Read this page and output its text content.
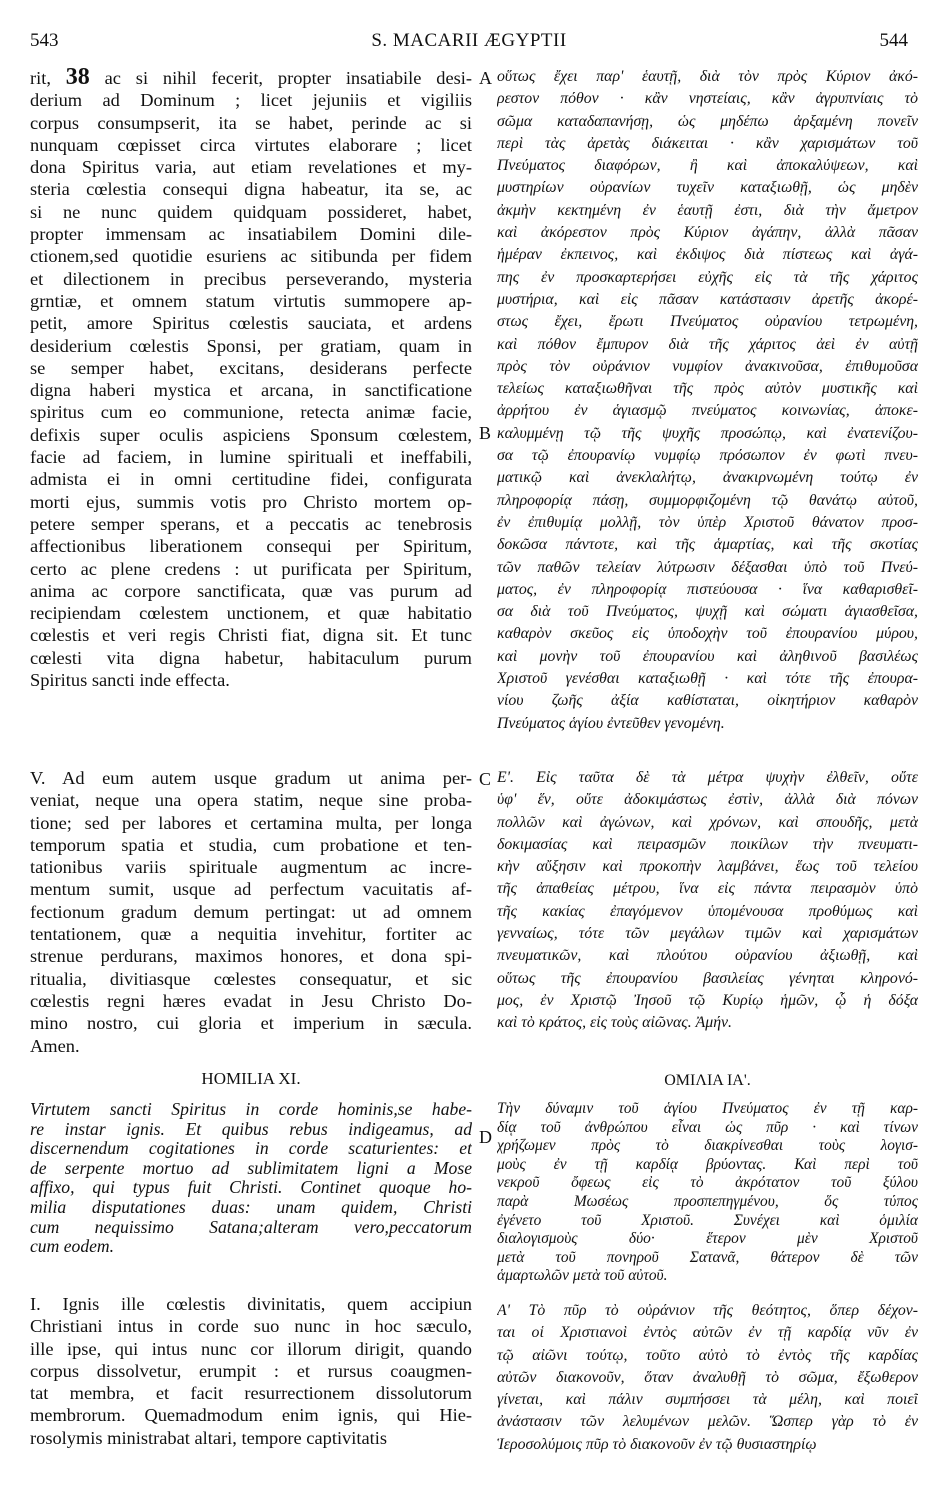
543	S. MACARII ÆGYPTII	544
A
B
C
D
rit, 38 ac si nihil fecerit, propter insatiabile desi-
derium ad Dominum ; licet jejuniis et vigiliis
corpus consumpserit, ita se habet, perinde ac si
nunquam cœpisset circa virtutes elaborare ; licet
dona Spiritus varia, aut etiam revelationes et my-
steria cœlestia consequi digna habeatur, ita se, ac
si ne nunc quidem quidquam possideret, habet,
propter immensam ac insatiabilem Domini dile-
ctionem,sed quotidie esuriens ac sitibunda per fidem
et dilectionem in precibus perseverando, mysteria
grntiæ, et omnem statum virtutis summopere ap-
petit, amore Spiritus cœlestis sauciata, et ardens
desiderium cœlestis Sponsi, per gratiam, quam in
se semper habet, excitans, desiderans perfecte
digna haberi mystica et arcana, in sanctificatione
spiritus cum eo communione, retecta animæ facie,
defixis super oculis aspiciens Sponsum cœlestem,
facie ad faciem, in lumine spirituali et ineffabili,
admista ei in omni certitudine fidei, configurata
morti ejus, summis votis pro Christo mortem op-
petere semper sperans, et a peccatis ac tenebrosis
affectionibus liberationem consequi per Spiritum,
certo ac plene credens : ut purificata per Spiritum,
anima ac corpore sanctificata, quæ vas purum ad
recipiendam cœlestem unctionem, et quæ habitatio
cœlestis et veri regis Christi fiat, digna sit. Et tunc
cœlesti vita digna habetur, habitaculum purum
Spiritus sancti inde effecta.
V. Ad eum autem usque gradum ut anima per-
veniat, neque una opera statim, neque sine proba-
tione; sed per labores et certamina multa, per longa
temporum spatia et studia, cum probatione et ten-
tationibus variis spirituale augmentum ac incre-
mentum sumit, usque ad perfectum vacuitatis af-
fectionum gradum demum pertingat: ut ad omnem
tentationem, quæ a nequitia invehitur, fortiter ac
strenue perdurans, maximos honores, et dona spi-
ritualia, divitiasque cœlestes consequatur, et sic
cœlestis regni hæres evadat in Jesu Christo Do-
mino nostro, cui gloria et imperium in sæcula.
Amen.
HOMILIA XI.
Virtutem sancti Spiritus in corde hominis,se habe-
re instar ignis. Et quibus rebus indigeamus, ad
discernendum cogitationes in corde scaturientes: et
de serpente mortuo ad sublimitatem ligni a Mose
affixo, qui typus fuit Christi. Continet quoque ho-
milia disputationes duas: unam quidem, Christi
cum nequissimo Satana;alteram vero,peccatorum
cum eodem.
I. Ignis ille cœlestis divinitatis, quem accipiun
Christiani intus in corde suo nunc in hoc sæculo,
ille ipse, qui intus nunc cor illorum dirigit, quando
corpus dissolvetur, erumpit : et rursus coaugmen-
tat membra, et facit resurrectionem dissolutorum
membrorum. Quemadmodum enim ignis, qui Hie-
rosolymis ministrabat altari, tempore captivitatis
οὕτως ἔχει παρ' ἑαυτῇ, διὰ τὸν πρὸς Κύριον ἀκό-
ρεστον πόθον · κἂν νηστείαις, κἂν ἀγρυπνίαις τὸ
σῶμα καταδαπανήσῃ, ὡς μηδέπω ἀρξαμένη πονεῖν
περὶ τὰς ἀρετὰς διάκειται · κἂν χαρισμάτων τοῦ
Πνεύματος διαφόρων, ἢ καὶ ἀποκαλύψεων, καὶ
μυστηρίων οὐρανίων τυχεῖν καταξιωθῇ, ὡς μηδὲν
ἀκμὴν κεκτημένη ἐν ἑαυτῇ ἐστι, διὰ τὴν ἄμετρον
καὶ ἀκόρεστον πρὸς Κύριον ἀγάπην, ἀλλὰ πᾶσαν
ἡμέραν ἐκπεινος, καὶ ἐκδιψος διὰ πίστεως καὶ ἀγά-
πης ἐν προσκαρτερήσει εὐχῆς εἰς τὰ τῆς χάριτος
μυστήρια, καὶ εἰς πᾶσαν κατάστασιν ἀρετῆς ἀκορέ-
στως ἔχει, ἔρωτι Πνεύματος οὐρανίου τετρωμένη,
καὶ πόθον ἔμπυρον διὰ τῆς χάριτος ἀεὶ ἐν αὐτῇ
πρὸς τὸν οὐράνιον νυμφίον ἀνακινοῦσα, ἐπιθυμοῦσα
τελείως καταξιωθῆναι τῆς πρὸς αὐτὸν μυστικῆς καὶ
ἀρρήτου ἐν ἁγιασμῷ πνεύματος κοινωνίας, ἀποκε-
καλυμμένῃ τῷ τῆς ψυχῆς προσώπῳ, καὶ ἐνατενίζου-
σα τῷ ἐπουρανίῳ νυμφίῳ πρόσωπον ἐν φωτὶ πνευ-
ματικῷ καὶ ἀνεκλαλήτῳ, ἀνακιρνωμένη τούτῳ ἐν
πληροφορίᾳ πάσῃ, συμμορφιζομένη τῷ θανάτῳ αὐτοῦ,
ἐν ἐπιθυμίᾳ μολλῇ, τὸν ὑπὲρ Χριστοῦ θάνατον προσ-
δοκῶσα πάντοτε, καὶ τῆς ἁμαρτίας, καὶ τῆς σκοτίας
τῶν παθῶν τελείαν λύτρωσιν δέξασθαι ὑπὸ τοῦ Πνεύ-
ματος, ἐν πληροφορίᾳ πιστεύουσα · ἵνα καθαρισθεῖ-
σα διὰ τοῦ Πνεύματος, ψυχῇ καὶ σώματι ἁγιασθεῖσα,
καθαρὸν σκεῦος εἰς ὑποδοχὴν τοῦ ἐπουρανίου μύρου,
καὶ μονὴν τοῦ ἐπουρανίου καὶ ἀληθινοῦ βασιλέως
Χριστοῦ γενέσθαι καταξιωθῇ · καὶ τότε τῆς ἐπουρα-
νίου ζωῆς ἀξία καθίσταται, οἰκητήριον καθαρὸν
Πνεύματος ἁγίου ἐντεῦθεν γενομένη.
Ε'. Εἰς ταῦτα δὲ τὰ μέτρα ψυχὴν ἐλθεῖν, οὔτε
ὑφ' ἕν, οὔτε ἀδοκιμάστως ἐστὶν, ἀλλὰ διὰ πόνων
πολλῶν καὶ ἀγώνων, καὶ χρόνων, καὶ σπουδῆς, μετὰ
δοκιμασίας καὶ πειρασμῶν ποικίλων τὴν πνευματι-
κὴν αὔξησιν καὶ προκοπὴν λαμβάνει, ἕως τοῦ τελείου
τῆς ἀπαθείας μέτρου, ἵνα εἰς πάντα πειρασμὸν ὑπὸ
τῆς κακίας ἐπαγόμενον ὑπομένουσα προθύμως καὶ
γενναίως, τότε τῶν μεγάλων τιμῶν καὶ χαρισμάτων
πνευματικῶν, καὶ πλούτου οὐρανίου ἀξιωθῇ, καὶ
οὕτως τῆς ἐπουρανίου βασιλείας γένηται κληρονό-
μος, ἐν Χριστῷ Ἰησοῦ τῷ Κυρίῳ ἡμῶν, ᾧ ἡ δόξα
καὶ τὸ κράτος, εἰς τοὺς αἰῶνας. Ἀμήν.
ΟΜΙΛΙΑ ΙΑ'.
Τὴν δύναμιν τοῦ ἁγίου Πνεύματος ἐν τῇ καρ-
δίᾳ τοῦ ἀνθρώπου εἶναι ὡς πῦρ · καὶ τίνων
χρήζωμεν πρὸς τὸ διακρίνεσθαι τοὺς λογισ-
μοὺς ἐν τῇ καρδίᾳ βρύοντας. Καὶ περὶ τοῦ
νεκροῦ ὄφεως εἰς τὸ ἀκρότατον τοῦ ξύλου
παρὰ Μωσέως προσπεπηγμένου, ὅς τύπος
ἐγένετο τοῦ Χριστοῦ. Συνέχει καὶ ὁμιλία
διαλογισμοὺς δύο· ἕτερον μὲν Χριστοῦ
μετὰ τοῦ πονηροῦ Σατανᾶ, θάτερον δὲ τῶν
ἁμαρτωλῶν μετὰ τοῦ αὐτοῦ.
Α' Τὸ πῦρ τὸ οὐράνιον τῆς θεότητος, ὅπερ δέχον-
ται οἱ Χριστιανοὶ ἐντὸς αὐτῶν ἐν τῇ καρδίᾳ νῦν ἐν
τῷ αἰῶνι τούτῳ, τοῦτο αὐτὸ τὸ ἐντὸς τῆς καρδίας
αὐτῶν διακονοῦν, ὅταν ἀναλυθῇ τὸ σῶμα, ἔξωθερον
γίνεται, καὶ πάλιν συμπήσσει τὰ μέλη, καὶ ποιεῖ
ἀνάστασιν τῶν λελυμένων μελῶν. Ὥσπερ γὰρ τὸ ἐν
Ἱεροσολύμοις πῦρ τὸ διακονοῦν ἐν τῷ θυσιαστηρίῳ
